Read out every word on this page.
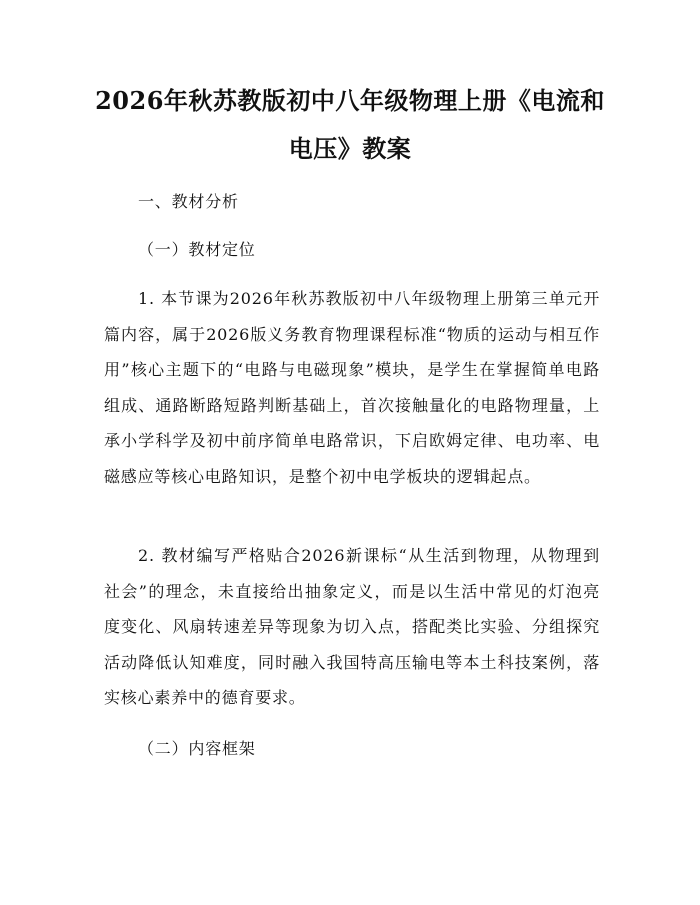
2026年秋苏教版初中八年级物理上册《电流和电压》教案

一、教材分析

（一）教材定位

1. 本节课为2026年秋苏教版初中八年级物理上册第三单元开篇内容，属于2026版义务教育物理课程标准“物质的运动与相互作用”核心主题下的“电路与电磁现象”模块，是学生在掌握简单电路组成、通路断路短路判断基础上，首次接触量化的电路物理量，上承小学科学及初中前序简单电路常识，下启欧姆定律、电功率、电磁感应等核心电路知识，是整个初中电学板块的逻辑起点。

2. 教材编写严格贴合2026新课标“从生活到物理，从物理到社会”的理念，未直接给出抽象定义，而是以生活中常见的灯泡亮度变化、风扇转速差异等现象为切入点，搭配类比实验、分组探究活动降低认知难度，同时融入我国特高压输电等本土科技案例，落实核心素养中的德育要求。

（二）内容框架
